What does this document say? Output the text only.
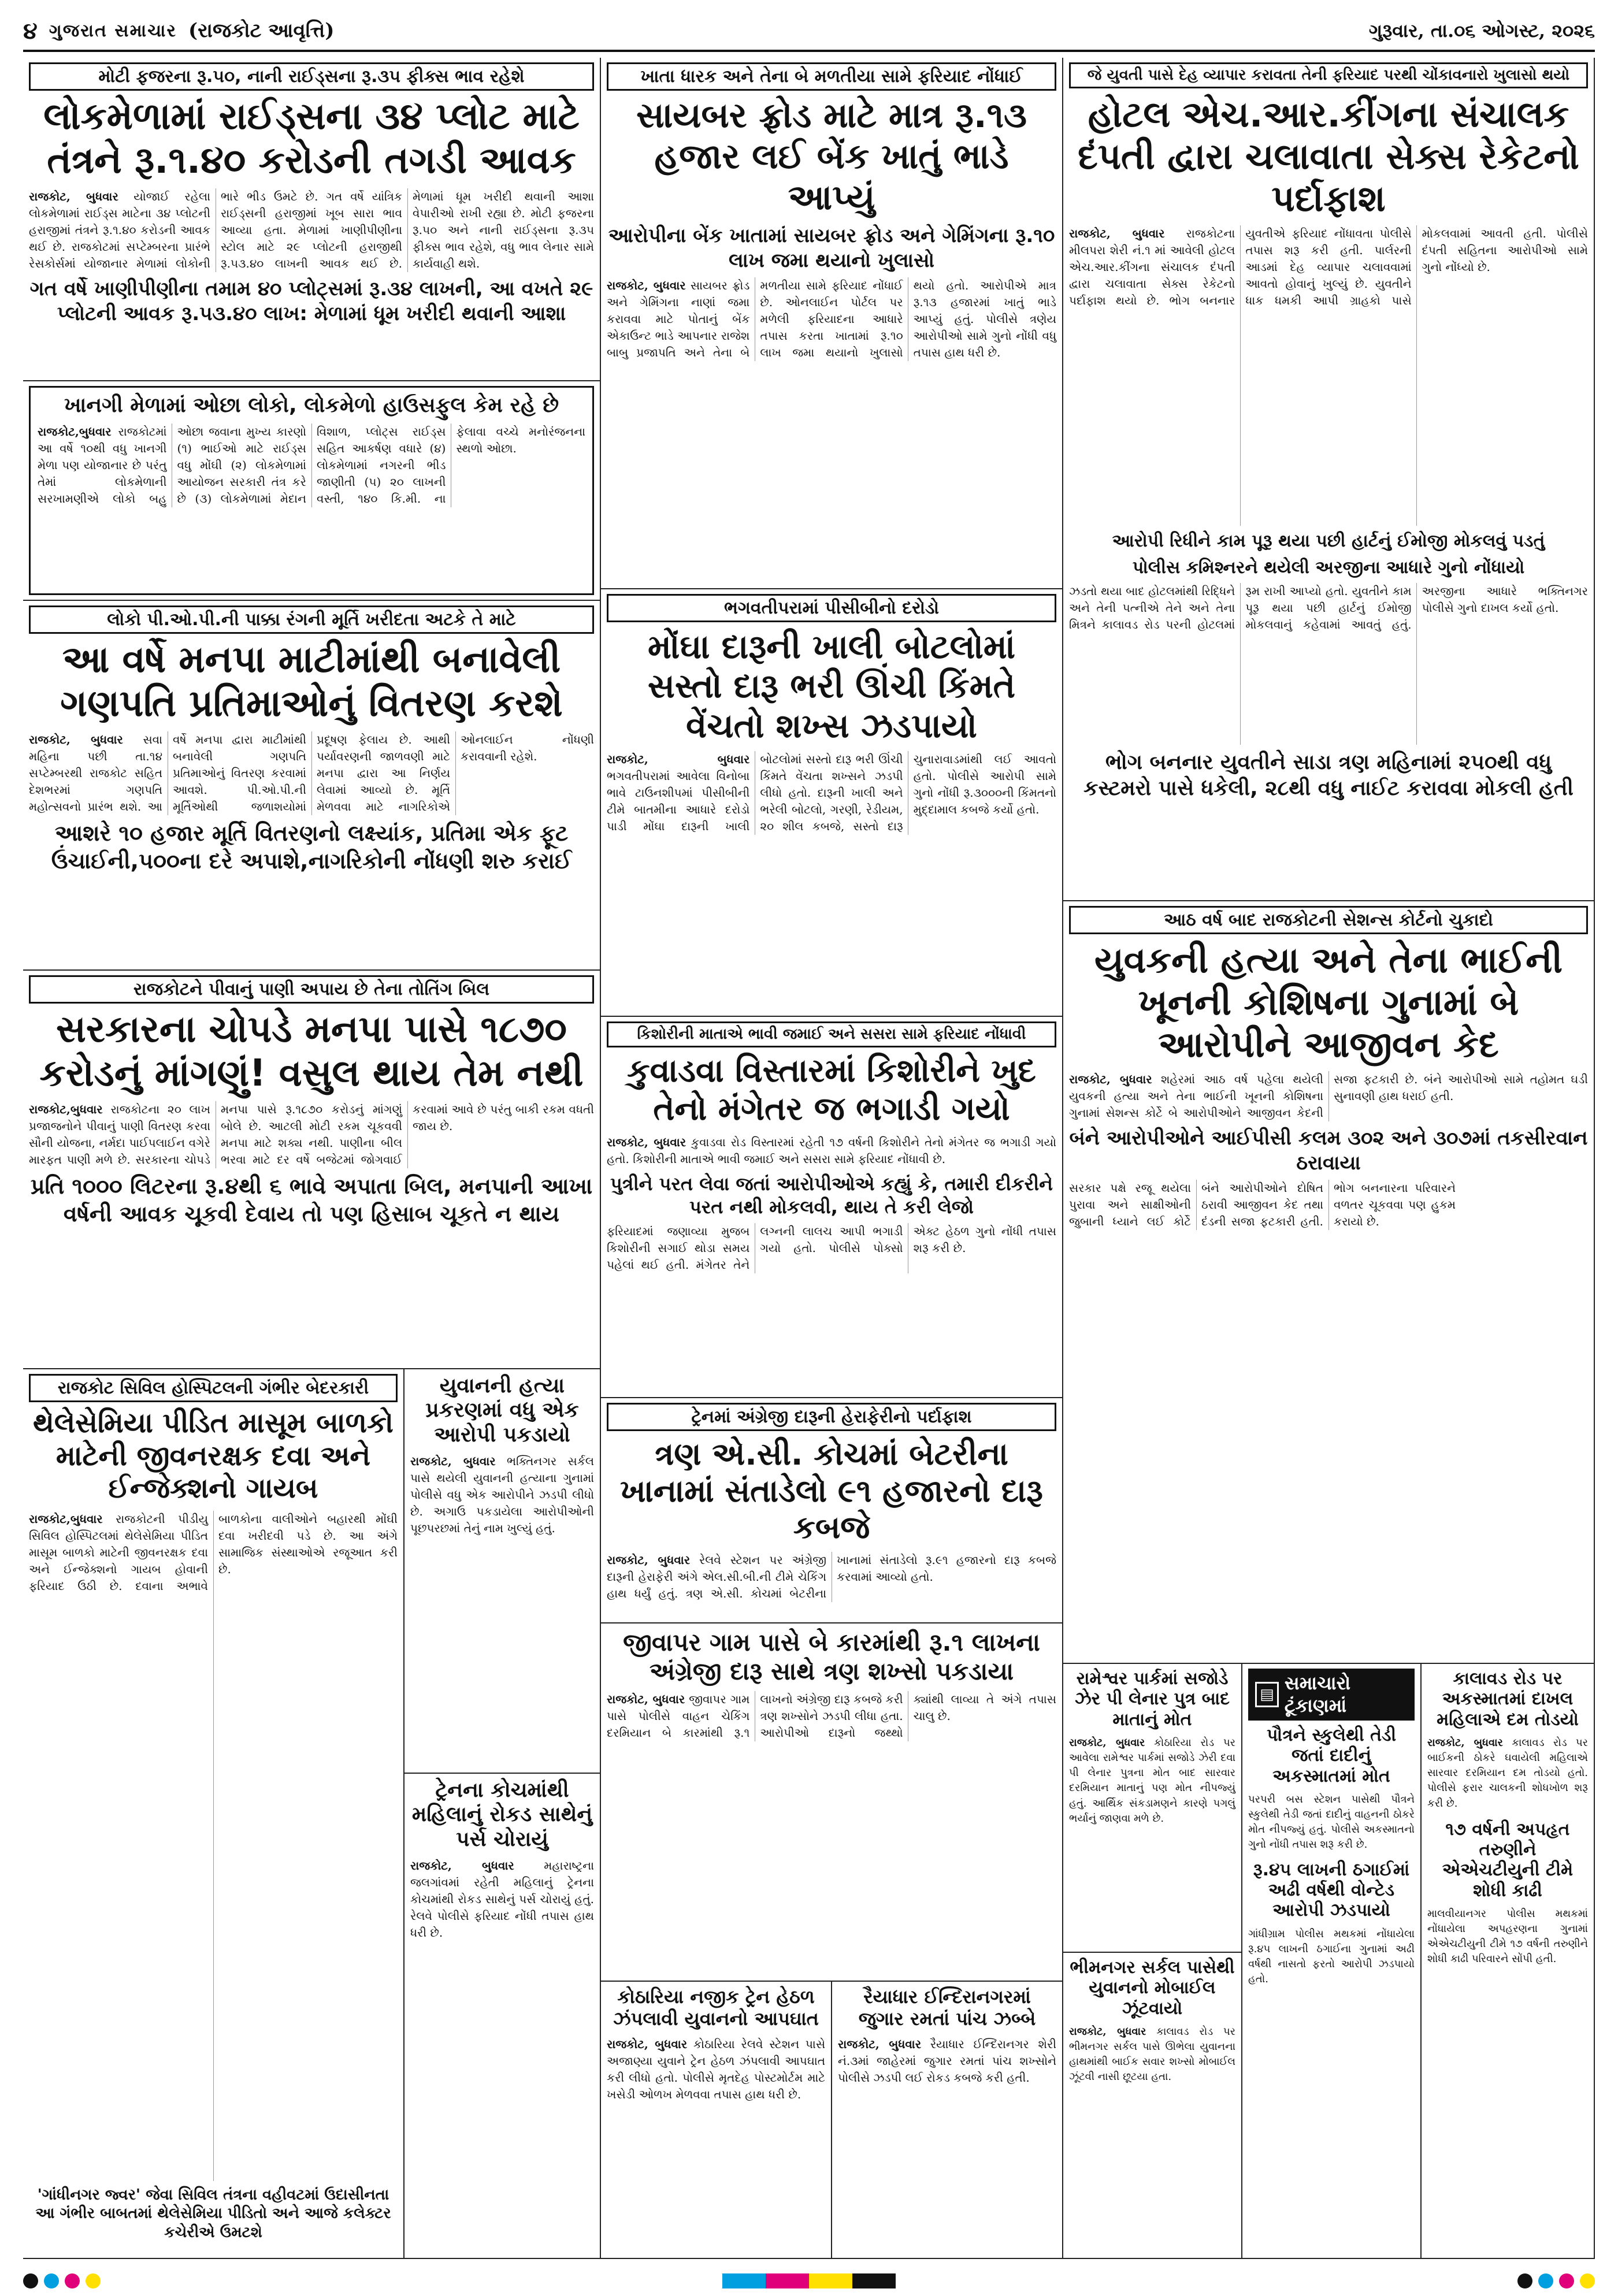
૪ ગુજરાત સમાચાર (રાજકોટ આવૃત્તિ)	ગુરૂવાર, તા.૦૬ ઓગસ્ટ, ૨૦૨૬
મોટી ફજરના રૂ.૫૦, નાની રાઈડ્સના રૂ.૩૫ ફીક્સ ભાવ રહેશે
લોકમેળામાં રાઈડ્સના ૩૪ પ્લોટ માટે તંત્રને રૂ.૧.૪૦ કરોડની તગડી આવક
રાજકોટ, બુધવાર યોજાઈ રહેલા લોકમેળામાં રાઈડ્સ માટેના ૩૪ પ્લોટની હરાજીમાં તંત્રને રૂ.૧.૪૦ કરોડની આવક થઈ છે. રાજકોટમાં સપ્ટેમ્બરના પ્રારંભે રેસકોર્સમાં યોજાનાર મેળામાં લોકોની ભારે ભીડ ઉમટે છે. ગત વર્ષે યાંત્રિક રાઈડ્સની હરાજીમાં ખૂબ સારા ભાવ આવ્યા હતા. મેળામાં ખાણીપીણીના સ્ટોલ માટે ૨૯ પ્લોટની હરાજીથી રૂ.૫૩.૪૦ લાખની આવક થઈ છે. મેળામાં ધૂમ ખરીદી થવાની આશા વેપારીઓ રાખી રહ્યા છે. મોટી ફજરના રૂ.૫૦ અને નાની રાઈડ્સના રૂ.૩૫ ફીક્સ ભાવ રહેશે, વધુ ભાવ લેનાર સામે કાર્યવાહી થશે.
ગત વર્ષે ખાણીપીણીના તમામ ૪૦ પ્લોટ્સમાં રૂ.૩૪ લાખની, આ વખતે ૨૯ પ્લોટની આવક રૂ.૫૩.૪૦ લાખ: મેળામાં ધૂમ ખરીદી થવાની આશા
ખાનગી મેળામાં ઓછા લોકો, લોકમેળો હાઉસફુલ કેમ રહે છે
રાજકોટ,બુધવાર રાજકોટમાં આ વર્ષે ૧૦થી વધુ ખાનગી મેળા પણ યોજાનાર છે પરંતુ તેમાં લોકમેળાની સરખામણીએ લોકો બહુ ઓછા જવાના મુખ્ય કારણો (૧) ભાઈઓ માટે રાઈડ્સ વધુ મોંઘી (૨) લોકમેળામાં આયોજન સરકારી તંત્ર કરે છે (૩) લોકમેળામાં મેદાન વિશાળ, પ્લોટ્સ રાઈડ્સ સહિત આકર્ષણ વધારે (૪) લોકમેળામાં નગરની ભીડ જાણીતી (૫) ૨૦ લાખની વસ્તી, ૧૪૦ કિ.મી. ના ફેલાવા વચ્ચે મનોરંજનના સ્થળો ઓછા.
લોકો પી.ઓ.પી.ની પાક્કા રંગની મૂર્તિ ખરીદતા અટકે તે માટે
આ વર્ષે મનપા માટીમાંથી બનાવેલી ગણપતિ પ્રતિમાઓનું વિતરણ કરશે
રાજકોટ, બુધવાર સવા મહિના પછી તા.૧૪ સપ્ટેમ્બરથી રાજકોટ સહિત દેશભરમાં ગણપતિ મહોત્સવનો પ્રારંભ થશે. આ વર્ષે મનપા દ્વારા માટીમાંથી બનાવેલી ગણપતિ પ્રતિમાઓનું વિતરણ કરવામાં આવશે. પી.ઓ.પી.ની મૂર્તિઓથી જળાશયોમાં પ્રદૂષણ ફેલાય છે. આથી પર્યાવરણની જાળવણી માટે મનપા દ્વારા આ નિર્ણય લેવામાં આવ્યો છે. મૂર્તિ મેળવવા માટે નાગરિકોએ ઓનલાઈન નોંધણી કરાવવાની રહેશે.
આશરે ૧૦ હજાર મૂર્તિ વિતરણનો લક્ષ્યાંક, પ્રતિમા એક ફૂટ ઉંચાઈની,૫૦૦ના દરે અપાશે,નાગરિકોની નોંધણી શરુ કરાઈ
રાજકોટને પીવાનું પાણી અપાય છે તેના તોતિંગ બિલ
સરકારના ચોપડે મનપા પાસે ૧૮૭૦ કરોડનું માંગણું! વસુલ થાય તેમ નથી
રાજકોટ,બુધવાર રાજકોટના ૨૦ લાખ પ્રજાજનોને પીવાનું પાણી વિતરણ કરવા સૌની યોજના, નર્મદા પાઈપલાઈન વગેરે મારફત પાણી મળે છે. સરકારના ચોપડે મનપા પાસે રૂ.૧૮૭૦ કરોડનું માંગણું બોલે છે. આટલી મોટી રકમ ચૂકવવી મનપા માટે શક્ય નથી. પાણીના બીલ ભરવા માટે દર વર્ષે બજેટમાં જોગવાઈ કરવામાં આવે છે પરંતુ બાકી રકમ વધતી જાય છે.
પ્રતિ ૧૦૦૦ લિટરના રૂ.૪થી ૬ ભાવે અપાતા બિલ, મનપાની આખા વર્ષની આવક ચૂકવી દેવાય તો પણ હિસાબ ચૂકતે ન થાય
રાજકોટ સિવિલ હોસ્પિટલની ગંભીર બેદરકારી
થેલેસેમિયા પીડિત માસૂમ બાળકો માટેની જીવનરક્ષક દવા અને ઈન્જેક્શનો ગાયબ
રાજકોટ,બુધવાર રાજકોટની પીડીયુ સિવિલ હોસ્પિટલમાં થેલેસેમિયા પીડિત માસૂમ બાળકો માટેની જીવનરક્ષક દવા અને ઈન્જેક્શનો ગાયબ હોવાની ફરિયાદ ઉઠી છે. દવાના અભાવે બાળકોના વાલીઓને બહારથી મોંઘી દવા ખરીદવી પડે છે. આ અંગે સામાજિક સંસ્થાઓએ રજૂઆત કરી છે.
'ગાંધીનગર જ્વર' જેવા સિવિલ તંત્રના વહીવટમાં ઉદાસીનતા આ ગંભીર બાબતમાં થેલેસેમિયા પીડિતો અને આજે કલેક્ટર કચેરીએ ઉમટશે
યુવાનની હત્યા પ્રકરણમાં વધુ એક આરોપી પકડાયો
રાજકોટ, બુધવાર ભક્તિનગર સર્કલ પાસે થયેલી યુવાનની હત્યાના ગુનામાં પોલીસે વધુ એક આરોપીને ઝડપી લીધો છે. અગાઉ પકડાયેલા આરોપીઓની પૂછપરછમાં તેનું નામ ખુલ્યું હતું.
ટ્રેનના કોચમાંથી મહિલાનું રોકડ સાથેનું પર્સ ચોરાયું
રાજકોટ, બુધવાર	મહારાષ્ટ્રના જલગાંવમાં રહેતી મહિલાનું ટ્રેનના કોચમાંથી રોકડ સાથેનું પર્સ ચોરાયું હતું. રેલવે પોલીસે ફરિયાદ નોંધી તપાસ હાથ ધરી છે.
ખાતા ધારક અને તેના બે મળતીયા સામે ફરિયાદ નોંધાઈ
સાયબર ફ્રોડ માટે માત્ર રૂ.૧૩ હજાર લઈ બેંક ખાતું ભાડે આપ્યું
આરોપીના બેંક ખાતામાં સાયબર ફ્રોડ અને ગેમિંગના રૂ.૧૦ લાખ જમા થયાનો ખુલાસો
રાજકોટ, બુધવાર સાયબર ફ્રોડ અને ગેમિંગના નાણાં જમા કરાવવા માટે પોતાનું બેંક એકાઉન્ટ ભાડે આપનાર રાજેશ બાબુ પ્રજાપતિ અને તેના બે મળતીયા સામે ફરિયાદ નોંધાઈ છે. ઓનલાઈન પોર્ટલ પર મળેલી ફરિયાદના આધારે તપાસ કરતા ખાતામાં રૂ.૧૦ લાખ જમા થયાનો ખુલાસો થયો હતો. આરોપીએ માત્ર રૂ.૧૩ હજારમાં ખાતું ભાડે આપ્યું હતું. પોલીસે ત્રણેય આરોપીઓ સામે ગુનો નોંધી વધુ તપાસ હાથ ધરી છે.
ભગવતીપરામાં પીસીબીનો દરોડો
મોંઘા દારૂની ખાલી બોટલોમાં સસ્તો દારૂ ભરી ઊંચી કિંમતે વેંચતો શખ્સ ઝડપાયો
રાજકોટ, બુધવાર ભગવતીપરામાં આવેલા વિનોબા ભાવે ટાઉનશીપમાં પીસીબીની ટીમે બાતમીના આધારે દરોડો પાડી મોંઘા દારૂની ખાલી બોટલોમાં સસ્તો દારૂ ભરી ઊંચી કિંમતે વેંચતા શખ્સને ઝડપી લીધો હતો. દારૂની ખાલી અને ભરેલી બોટલો, ગરણી, રેડીયમ, ૨૦ શીલ કબજે, સસ્તો દારૂ ચુનારાવાડમાંથી લઈ આવતો હતો. પોલીસે આરોપી સામે ગુનો નોંધી રૂ.૩૦૦૦ની કિંમતનો મુદ્દામાલ કબજે કર્યો હતો.
કિશોરીની માતાએ ભાવી જમાઈ અને સસરા સામે ફરિયાદ નોંધાવી
કુવાડવા વિસ્તારમાં કિશોરીને ખુદ તેનો મંગેતર જ ભગાડી ગયો
રાજકોટ, બુધવાર કુવાડવા રોડ વિસ્તારમાં રહેતી ૧૭ વર્ષની કિશોરીને તેનો મંગેતર જ ભગાડી ગયો હતો. કિશોરીની માતાએ ભાવી જમાઈ અને સસરા સામે ફરિયાદ નોંધાવી છે.
પુત્રીને પરત લેવા જતાં આરોપીઓએ કહ્યું કે, તમારી દીકરીને પરત નથી મોકલવી, થાય તે કરી લેજો
ફરિયાદમાં જણાવ્યા મુજબ કિશોરીની સગાઈ થોડા સમય પહેલાં થઈ હતી. મંગેતર તેને લગ્નની લાલચ આપી ભગાડી ગયો હતો. પોલીસે પોક્સો એક્ટ હેઠળ ગુનો નોંધી તપાસ શરૂ કરી છે.
ટ્રેનમાં અંગ્રેજી દારૂની હેરાફેરીનો પર્દાફાશ
ત્રણ એ.સી. કોચમાં બેટરીના ખાનામાં સંતાડેલો ૯૧ હજારનો દારૂ કબજે
રાજકોટ, બુધવાર રેલવે સ્ટેશન પર અંગ્રેજી દારૂની હેરાફેરી અંગે એલ.સી.બી.ની ટીમે ચેકિંગ હાથ ધર્યું હતું. ત્રણ એ.સી. કોચમાં બેટરીના ખાનામાં સંતાડેલો રૂ.૯૧ હજારનો દારૂ કબજે કરવામાં આવ્યો હતો.
જીવાપર ગામ પાસે બે કારમાંથી રૂ.૧ લાખના અંગ્રેજી દારૂ સાથે ત્રણ શખ્સો પકડાયા
રાજકોટ, બુધવાર જીવાપર ગામ પાસે પોલીસે વાહન ચેકિંગ દરમિયાન બે કારમાંથી રૂ.૧ લાખનો અંગ્રેજી દારૂ કબજે કરી ત્રણ શખ્સોને ઝડપી લીધા હતા. આરોપીઓ દારૂનો જથ્થો ક્યાંથી લાવ્યા તે અંગે તપાસ ચાલુ છે.
કોઠારિયા નજીક ટ્રેન હેઠળ ઝંપલાવી યુવાનનો આપઘાત
રાજકોટ, બુધવાર કોઠારિયા રેલવે સ્ટેશન પાસે અજાણ્યા યુવાને ટ્રેન હેઠળ ઝંપલાવી આપઘાત કરી લીધો હતો. પોલીસે મૃતદેહ પોસ્ટમોર્ટમ માટે ખસેડી ઓળખ મેળવવા તપાસ હાથ ધરી છે.
રૈયાધાર ઈન્દિરાનગરમાં જુગાર રમતાં પાંચ ઝબ્બે
રાજકોટ, બુધવાર રૈયાધાર ઈન્દિરાનગર શેરી નં.૩માં જાહેરમાં જુગાર રમતાં પાંચ શખ્સોને પોલીસે ઝડપી લઈ રોકડ કબજે કરી હતી.
જે યુવતી પાસે દેહ વ્યાપાર કરાવતા તેની ફરિયાદ પરથી ચોંકાવનારો ખુલાસો થયો
હોટલ એચ.આર.કીંગના સંચાલક દંપતી દ્વારા ચલાવાતા સેક્સ રેકેટનો પર્દાફાશ
રાજકોટ, બુધવાર રાજકોટના મીલપરા શેરી નં.૧ માં આવેલી હોટલ એચ.આર.કીંગના સંચાલક દંપતી દ્વારા ચલાવાતા સેક્સ રેકેટનો પર્દાફાશ થયો છે. ભોગ બનનાર યુવતીએ ફરિયાદ નોંધાવતા પોલીસે તપાસ શરૂ કરી હતી. પાર્લરની આડમાં દેહ વ્યાપાર ચલાવવામાં આવતો હોવાનું ખુલ્યું છે. યુવતીને ધાક ધમકી આપી ગ્રાહકો પાસે મોકલવામાં આવતી હતી. પોલીસે દંપતી સહિતના આરોપીઓ સામે ગુનો નોંધ્યો છે.
આરોપી રિધીને કામ પૂરૂ થયા પછી હાર્ટનું ઈમોજી મોકલવું પડતું
પોલીસ કમિશ્નરને થયેલી અરજીના આધારે ગુનો નોંધાયો
ઝડતો થયા બાદ હોટલમાંથી રિદ્ધિને અને તેની પત્નીએ તેને અને તેના મિત્રને કાલાવડ રોડ પરની હોટલમાં રૂમ રાખી આપ્યો હતો. યુવતીને કામ પૂરૂ થયા પછી હાર્ટનું ઈમોજી મોકલવાનું કહેવામાં આવતું હતું. અરજીના આધારે ભક્તિનગર પોલીસે ગુનો દાખલ કર્યો હતો.
ભોગ બનનાર યુવતીને સાડા ત્રણ મહિનામાં ૨૫૦થી વધુ કસ્ટમરો પાસે ધકેલી, ૨૮થી વધુ નાઈટ કરાવવા મોકલી હતી
આઠ વર્ષ બાદ રાજકોટની સેશન્સ કોર્ટનો ચુકાદો
યુવકની હત્યા અને તેના ભાઈની ખૂનની કોશિષના ગુનામાં બે આરોપીને આજીવન કેદ
રાજકોટ, બુધવાર શહેરમાં આઠ વર્ષ પહેલા થયેલી યુવકની હત્યા અને તેના ભાઈની ખૂનની કોશિષના ગુનામાં સેશન્સ કોર્ટે બે આરોપીઓને આજીવન કેદની સજા ફટકારી છે. બંને આરોપીઓ સામે તહોમત ઘડી સુનાવણી હાથ ધરાઈ હતી.
બંને આરોપીઓને આઈપીસી કલમ ૩૦૨ અને ૩૦૭માં તકસીરવાન ઠરાવાયા
સરકાર પક્ષે રજૂ થયેલા પુરાવા અને સાક્ષીઓની જુબાની ધ્યાને લઈ કોર્ટે બંને આરોપીઓને દોષિત ઠરાવી આજીવન કેદ તથા દંડની સજા ફટકારી હતી. ભોગ બનનારના પરિવારને વળતર ચૂકવવા પણ હુકમ કરાયો છે.
રામેશ્વર પાર્કમાં સજોડે ઝેર પી લેનાર પુત્ર બાદ માતાનું મોત
રાજકોટ, બુધવાર કોઠારિયા રોડ પર આવેલા રામેશ્વર પાર્કમાં સજોડે ઝેરી દવા પી લેનાર પુત્રના મોત બાદ સારવાર દરમિયાન માતાનું પણ મોત નીપજ્યું હતું. આર્થિક સંકડામણને કારણે પગલું ભર્યાનું જાણવા મળે છે.
ભીમનગર સર્કલ પાસેથી યુવાનનો મોબાઈલ ઝૂંટવાયો
રાજકોટ, બુધવાર કાલાવડ રોડ પર ભીમનગર સર્કલ પાસે ઊભેલા યુવાનના હાથમાંથી બાઈક સવાર શખ્સો મોબાઈલ ઝૂંટવી નાસી છૂટયા હતા.
▤
સમાચારો ટૂંકાણમાં
પૌત્રને સ્કુલેથી તેડી જતાં દાદીનું અકસ્માતમાં મોત
પરપરી બસ સ્ટેશન પાસેથી પૌત્રને સ્કુલેથી તેડી જતાં દાદીનું વાહનની ઠોકરે મોત નીપજ્યું હતું. પોલીસે અકસ્માતનો ગુનો નોંધી તપાસ શરૂ કરી છે.
રૂ.૪૫ લાખની ઠગાઈમાં અઢી વર્ષથી વોન્ટેડ આરોપી ઝડપાયો
ગાંધીગ્રામ પોલીસ મથકમાં નોંધાયેલા રૂ.૪૫ લાખની ઠગાઈના ગુનામાં અઢી વર્ષથી નાસતો ફરતો આરોપી ઝડપાયો હતો.
કાલાવડ રોડ પર અકસ્માતમાં દાખલ મહિલાએ દમ તોડયો
રાજકોટ, બુધવાર કાલાવડ રોડ પર બાઈકની ઠોકરે ઘવાયેલી મહિલાએ સારવાર દરમિયાન દમ તોડયો હતો. પોલીસે ફરાર ચાલકની શોધખોળ શરૂ કરી છે.
૧૭ વર્ષની અપહૃત તરુણીને એએચટીયુની ટીમે શોધી કાઢી
માલવીયાનગર પોલીસ મથકમાં નોંધાયેલા અપહરણના ગુનામાં એએચટીયુની ટીમે ૧૭ વર્ષની તરુણીને શોધી કાઢી પરિવારને સોંપી હતી.
